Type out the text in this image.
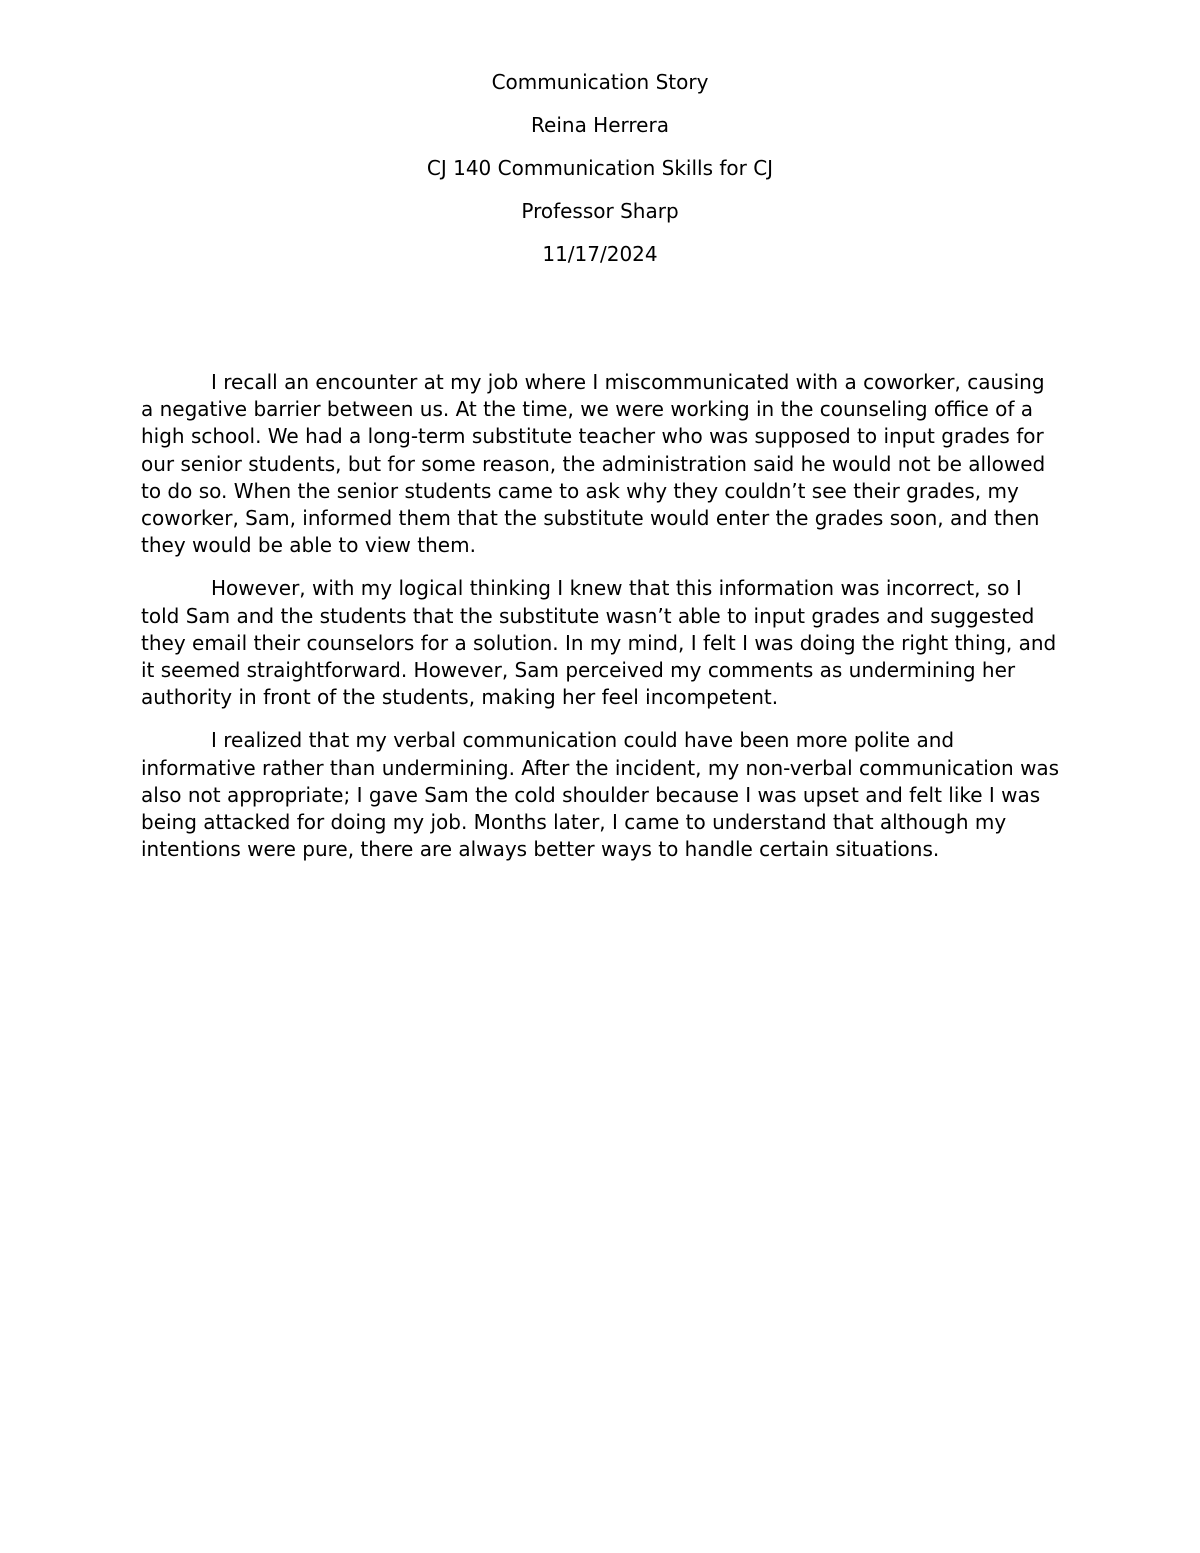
Communication Story
Reina Herrera
CJ 140 Communication Skills for CJ
Professor Sharp
11/17/2024

I recall an encounter at my job where I miscommunicated with a coworker, causing a negative barrier between us. At the time, we were working in the counseling office of a high school. We had a long-term substitute teacher who was supposed to input grades for our senior students, but for some reason, the administration said he would not be allowed to do so. When the senior students came to ask why they couldn’t see their grades, my coworker, Sam, informed them that the substitute would enter the grades soon, and then they would be able to view them.

However, with my logical thinking I knew that this information was incorrect, so I told Sam and the students that the substitute wasn’t able to input grades and suggested they email their counselors for a solution. In my mind, I felt I was doing the right thing, and it seemed straightforward. However, Sam perceived my comments as undermining her authority in front of the students, making her feel incompetent.

I realized that my verbal communication could have been more polite and informative rather than undermining. After the incident, my non-verbal communication was also not appropriate; I gave Sam the cold shoulder because I was upset and felt like I was being attacked for doing my job. Months later, I came to understand that although my intentions were pure, there are always better ways to handle certain situations.
